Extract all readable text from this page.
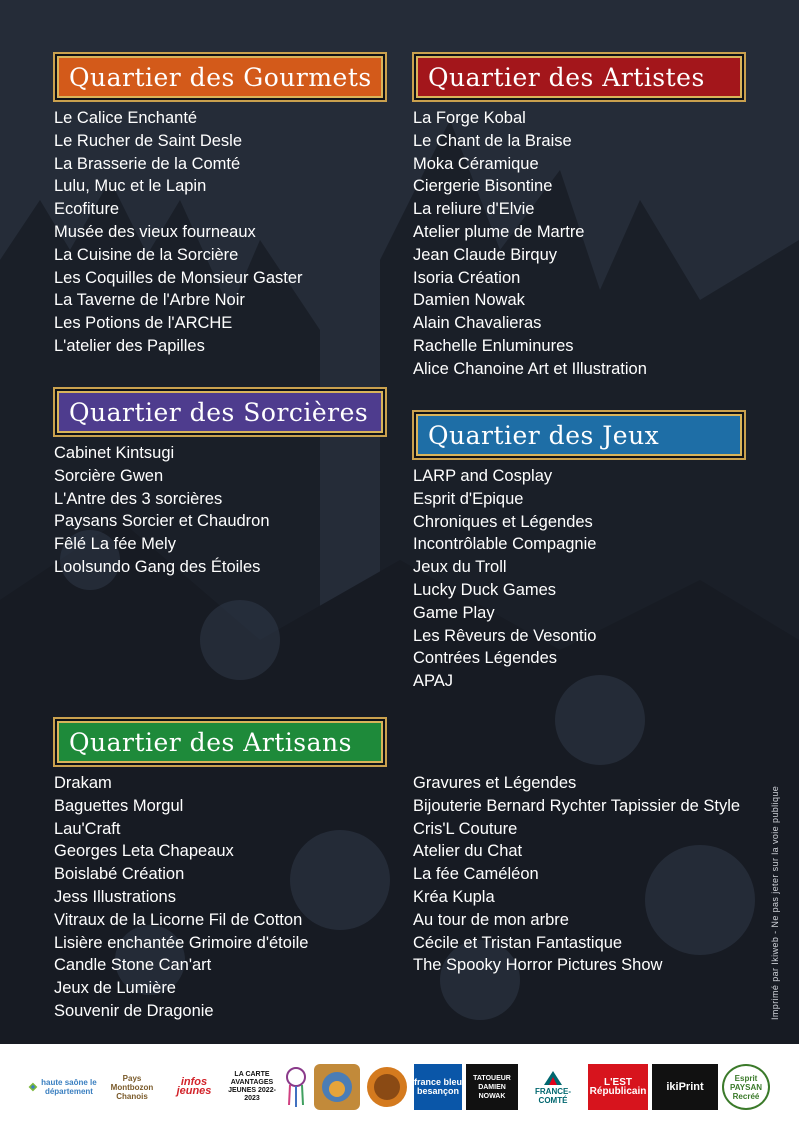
Quartier des Gourmets Quartier des Artistes
Quartier des Sorcières
Quartier des Jeux
Quartier des Artisans
Le Calice Enchanté
Le Rucher de Saint Desle
La Brasserie de la Comté
Lulu, Muc et le Lapin
Ecofiture
Musée des vieux fourneaux
La Cuisine de la Sorcière
Les Coquilles de Monsieur Gaster
La Taverne de l'Arbre Noir
Les Potions de l'ARCHE
L'atelier des Papilles
La Forge Kobal
Le Chant de la Braise
Moka Céramique
Ciergerie Bisontine
La reliure d'Elvie
Atelier plume de Martre
Jean Claude Birquy
Isoria Création
Damien Nowak
Alain Chavalieras
Rachelle Enluminures
Alice Chanoine Art et Illustration
Cabinet Kintsugi
Sorcière Gwen
L'Antre des 3 sorcières
Paysans Sorcier et Chaudron
Fêlé La fée Mely
Loolsundo Gang des Étoiles
LARP and Cosplay
Esprit d'Epique
Chroniques et Légendes
Incontrôlable Compagnie
Jeux du Troll
Lucky Duck Games
Game Play
Les Rêveurs de Vesontio
Contrées Légendes
APAJ
Drakam
Baguettes Morgul
Lau'Craft
Georges Leta Chapeaux
Boislabé Création
Jess Illustrations
Vitraux de la Licorne Fil de Cotton
Lisière enchantée Grimoire d'étoile
Candle Stone Can'art
Jeux de Lumière
Souvenir de Dragonie
Gravures et Légendes
Bijouterie Bernard Rychter Tapissier de Style
Cris'L Couture
Atelier du Chat
La fée Caméléon
Kréa Kupla
Au tour de mon arbre
Cécile et Tristan Fantastique
The Spooky Horror Pictures Show	Imprimé par Ikiweb - Ne pas jeter sur la voie publique
haute saône le département
Pays Montbozon Chanois
infos jeunes
LA CARTE AVANTAGES JEUNES 2022-2023
france bleu besançon
TATOUEUR DAMIEN NOWAK	FRANCE-COMTÉ
L'EST Républicain ikiPrint
Esprit PAYSAN Recréé
